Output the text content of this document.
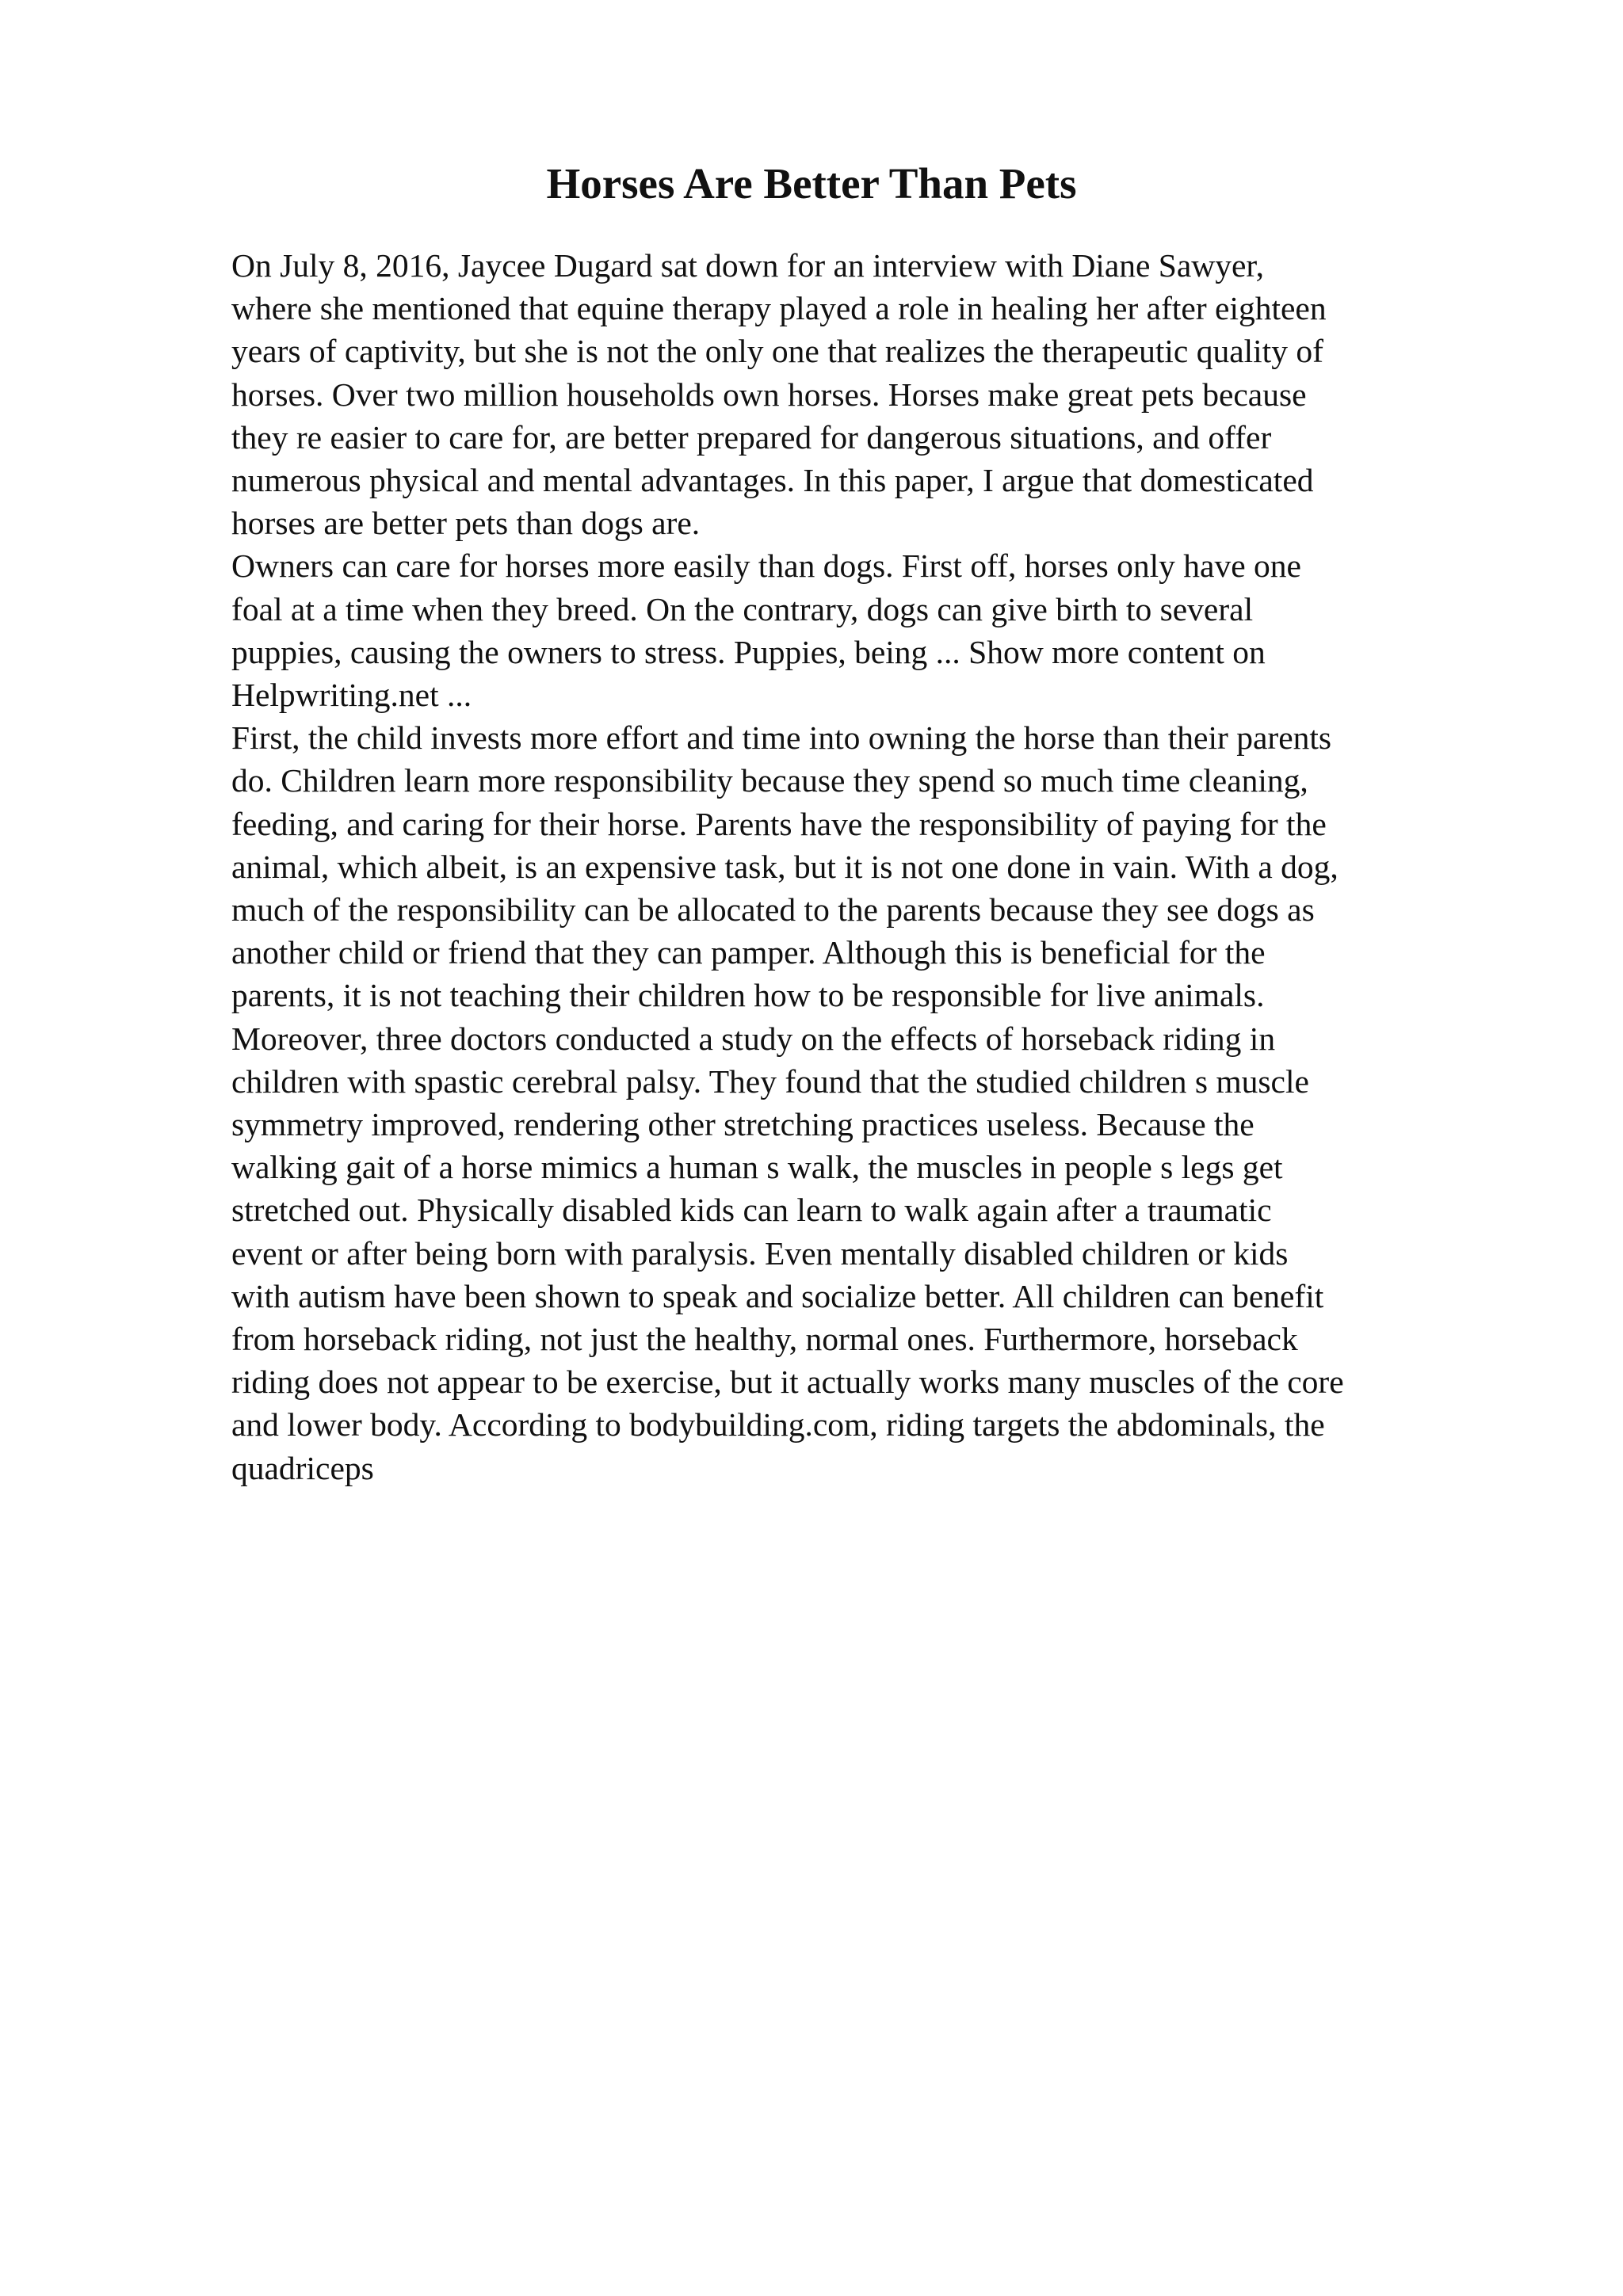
Horses Are Better Than Pets
On July 8, 2016, Jaycee Dugard sat down for an interview with Diane Sawyer,
where she mentioned that equine therapy played a role in healing her after eighteen
years of captivity, but she is not the only one that realizes the therapeutic quality of
horses. Over two million households own horses. Horses make great pets because
they re easier to care for, are better prepared for dangerous situations, and offer
numerous physical and mental advantages. In this paper, I argue that domesticated
horses are better pets than dogs are.
Owners can care for horses more easily than dogs. First off, horses only have one
foal at a time when they breed. On the contrary, dogs can give birth to several
puppies, causing the owners to stress. Puppies, being ... Show more content on
Helpwriting.net ...
First, the child invests more effort and time into owning the horse than their parents
do. Children learn more responsibility because they spend so much time cleaning,
feeding, and caring for their horse. Parents have the responsibility of paying for the
animal, which albeit, is an expensive task, but it is not one done in vain. With a dog,
much of the responsibility can be allocated to the parents because they see dogs as
another child or friend that they can pamper. Although this is beneficial for the
parents, it is not teaching their children how to be responsible for live animals.
Moreover, three doctors conducted a study on the effects of horseback riding in
children with spastic cerebral palsy. They found that the studied children s muscle
symmetry improved, rendering other stretching practices useless. Because the
walking gait of a horse mimics a human s walk, the muscles in people s legs get
stretched out. Physically disabled kids can learn to walk again after a traumatic
event or after being born with paralysis. Even mentally disabled children or kids
with autism have been shown to speak and socialize better. All children can benefit
from horseback riding, not just the healthy, normal ones. Furthermore, horseback
riding does not appear to be exercise, but it actually works many muscles of the core
and lower body. According to bodybuilding.com, riding targets the abdominals, the
quadriceps
